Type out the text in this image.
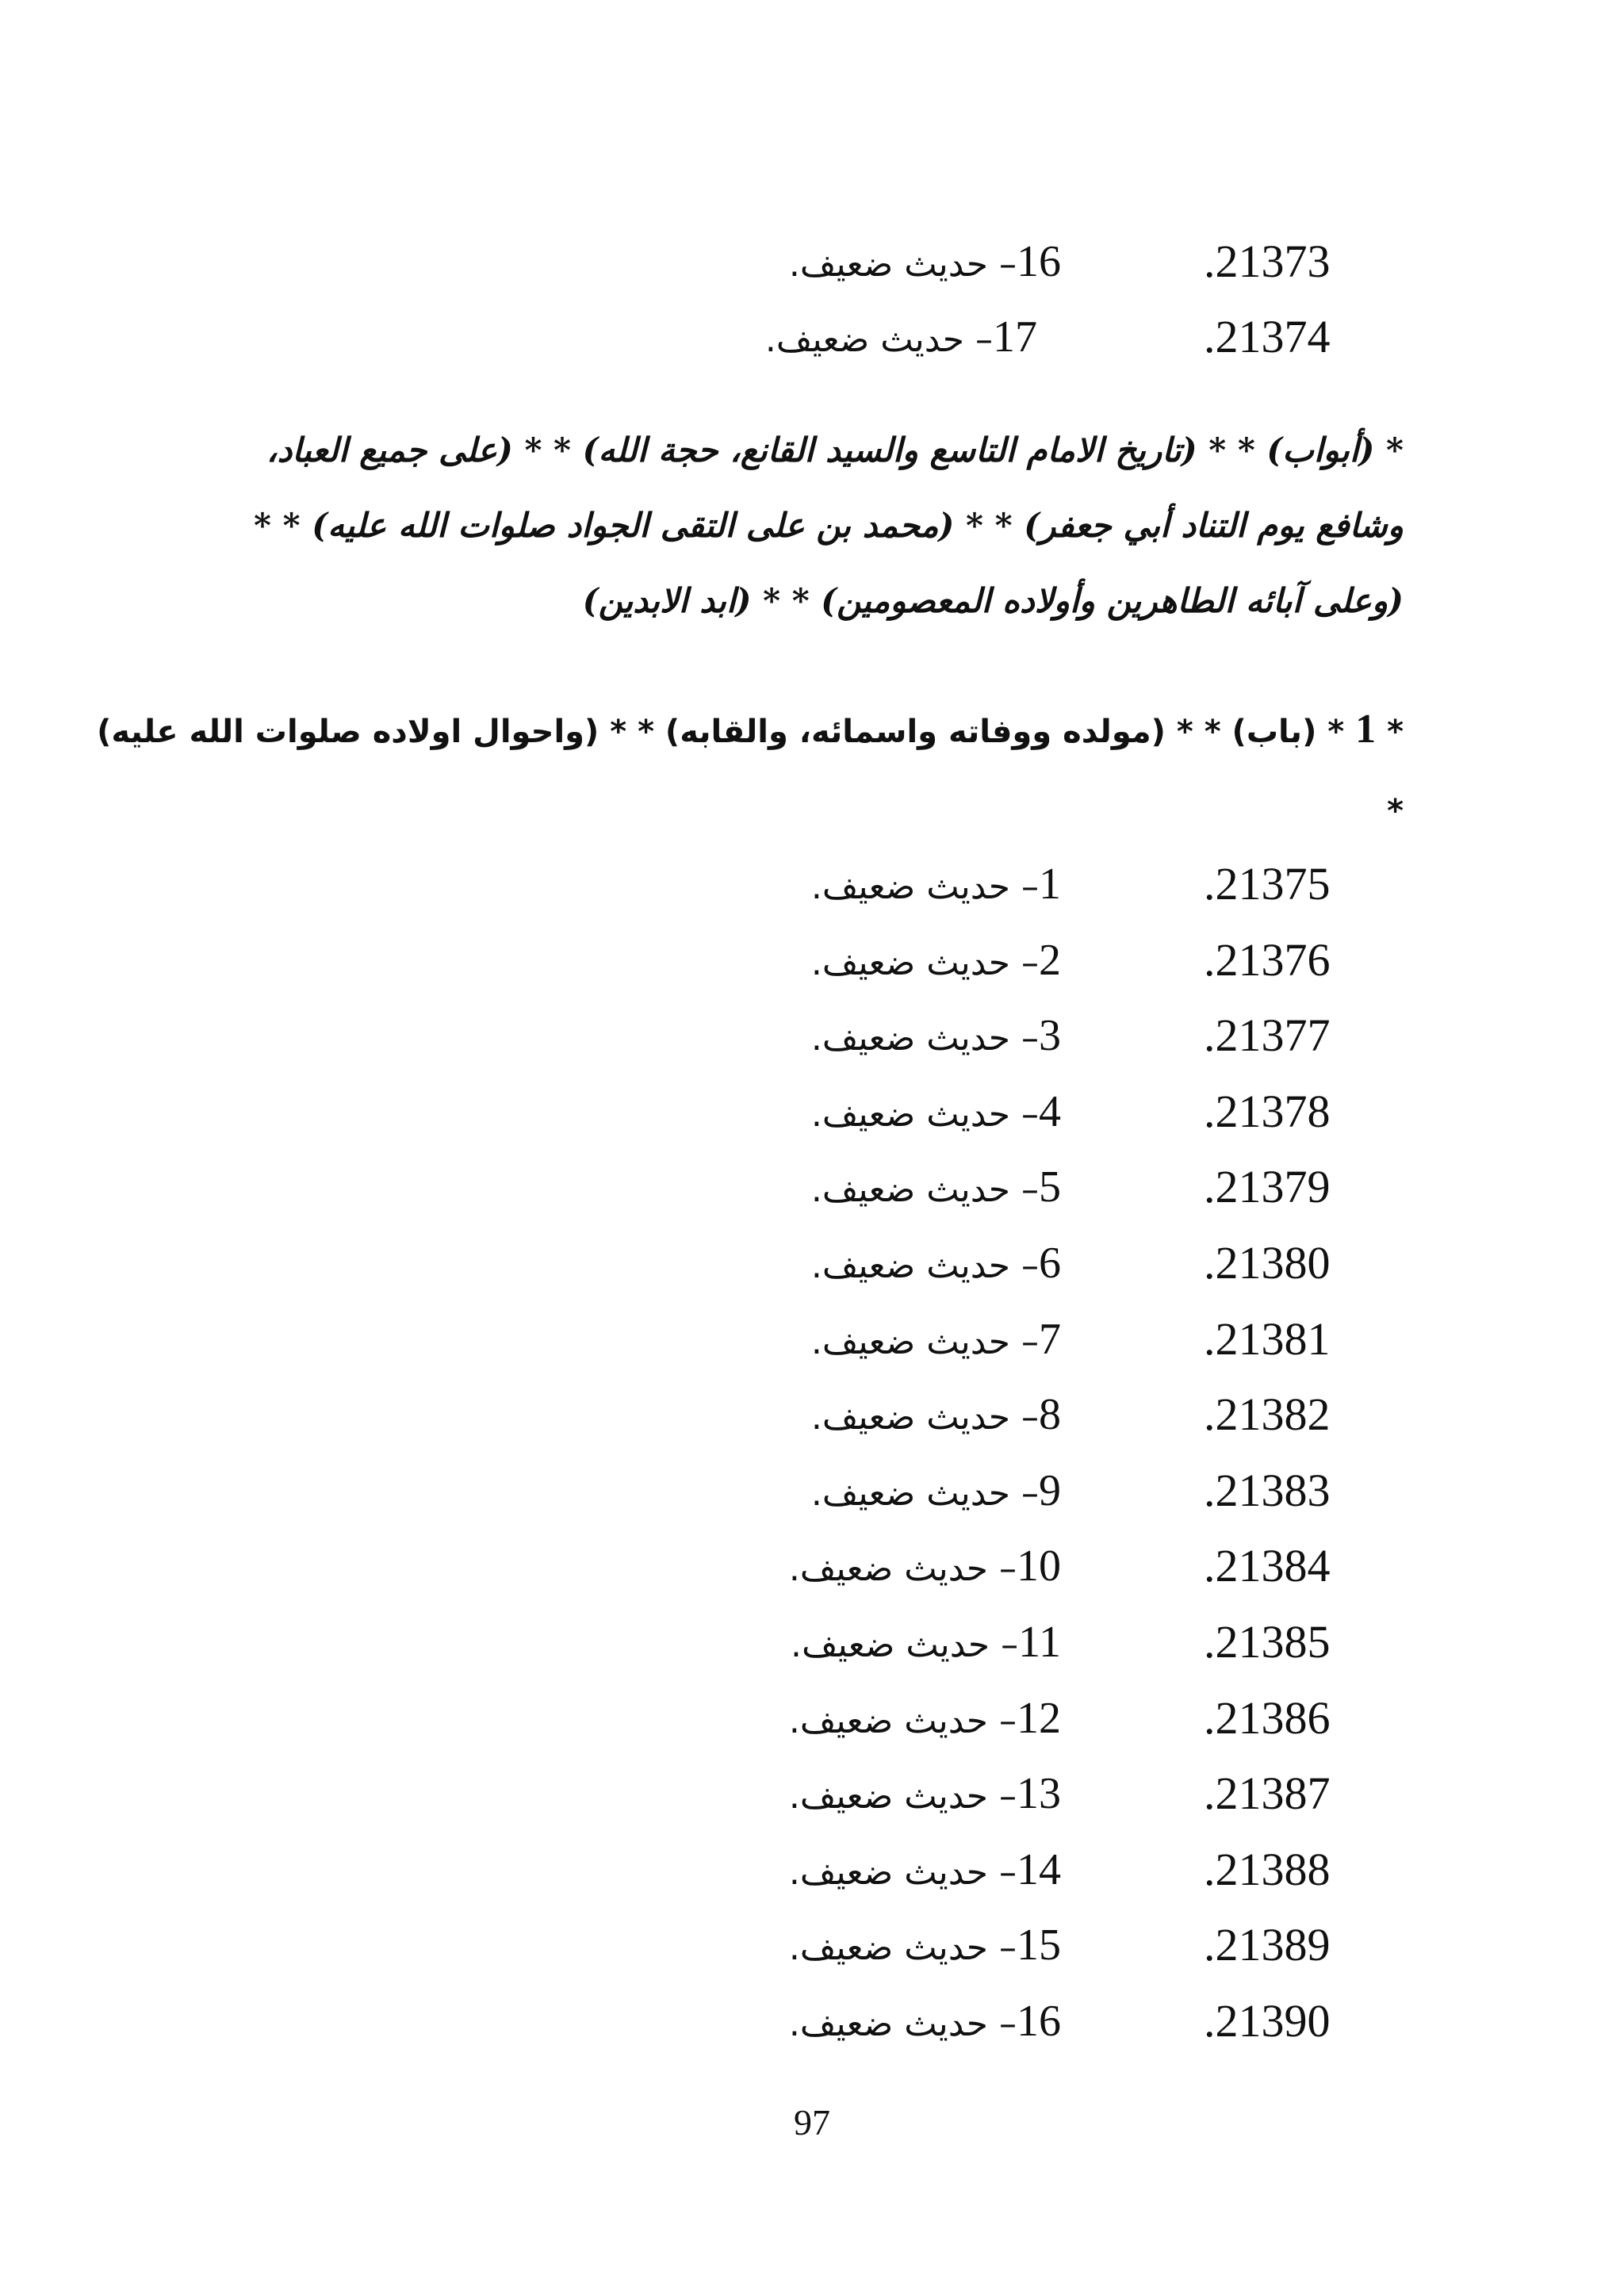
.21373
16– حديث ضعيف.
.21374
17– حديث ضعيف.
* (أبواب) * * (تاريخ الامام التاسع والسيد القانع، حجة الله) * * (على جميع العباد،
وشافع يوم التناد أبي جعفر) * * (محمد بن على التقى الجواد صلوات الله عليه) * *
(وعلى آبائه الطاهرين وأولاده المعصومين) * * (ابد الابدين)
* 1 * (باب) * * (مولده ووفاته واسمائه، والقابه) * * (واحوال اولاده صلوات الله عليه)
*
.21375
1– حديث ضعيف.
.21376
2– حديث ضعيف.
.21377
3– حديث ضعيف.
.21378
4– حديث ضعيف.
.21379
5– حديث ضعيف.
.21380
6– حديث ضعيف.
.21381
7– حديث ضعيف.
.21382
8– حديث ضعيف.
.21383
9– حديث ضعيف.
.21384
10– حديث ضعيف.
.21385
11– حديث ضعيف.
.21386
12– حديث ضعيف.
.21387
13– حديث ضعيف.
.21388
14– حديث ضعيف.
.21389
15– حديث ضعيف.
.21390
16– حديث ضعيف.
97
